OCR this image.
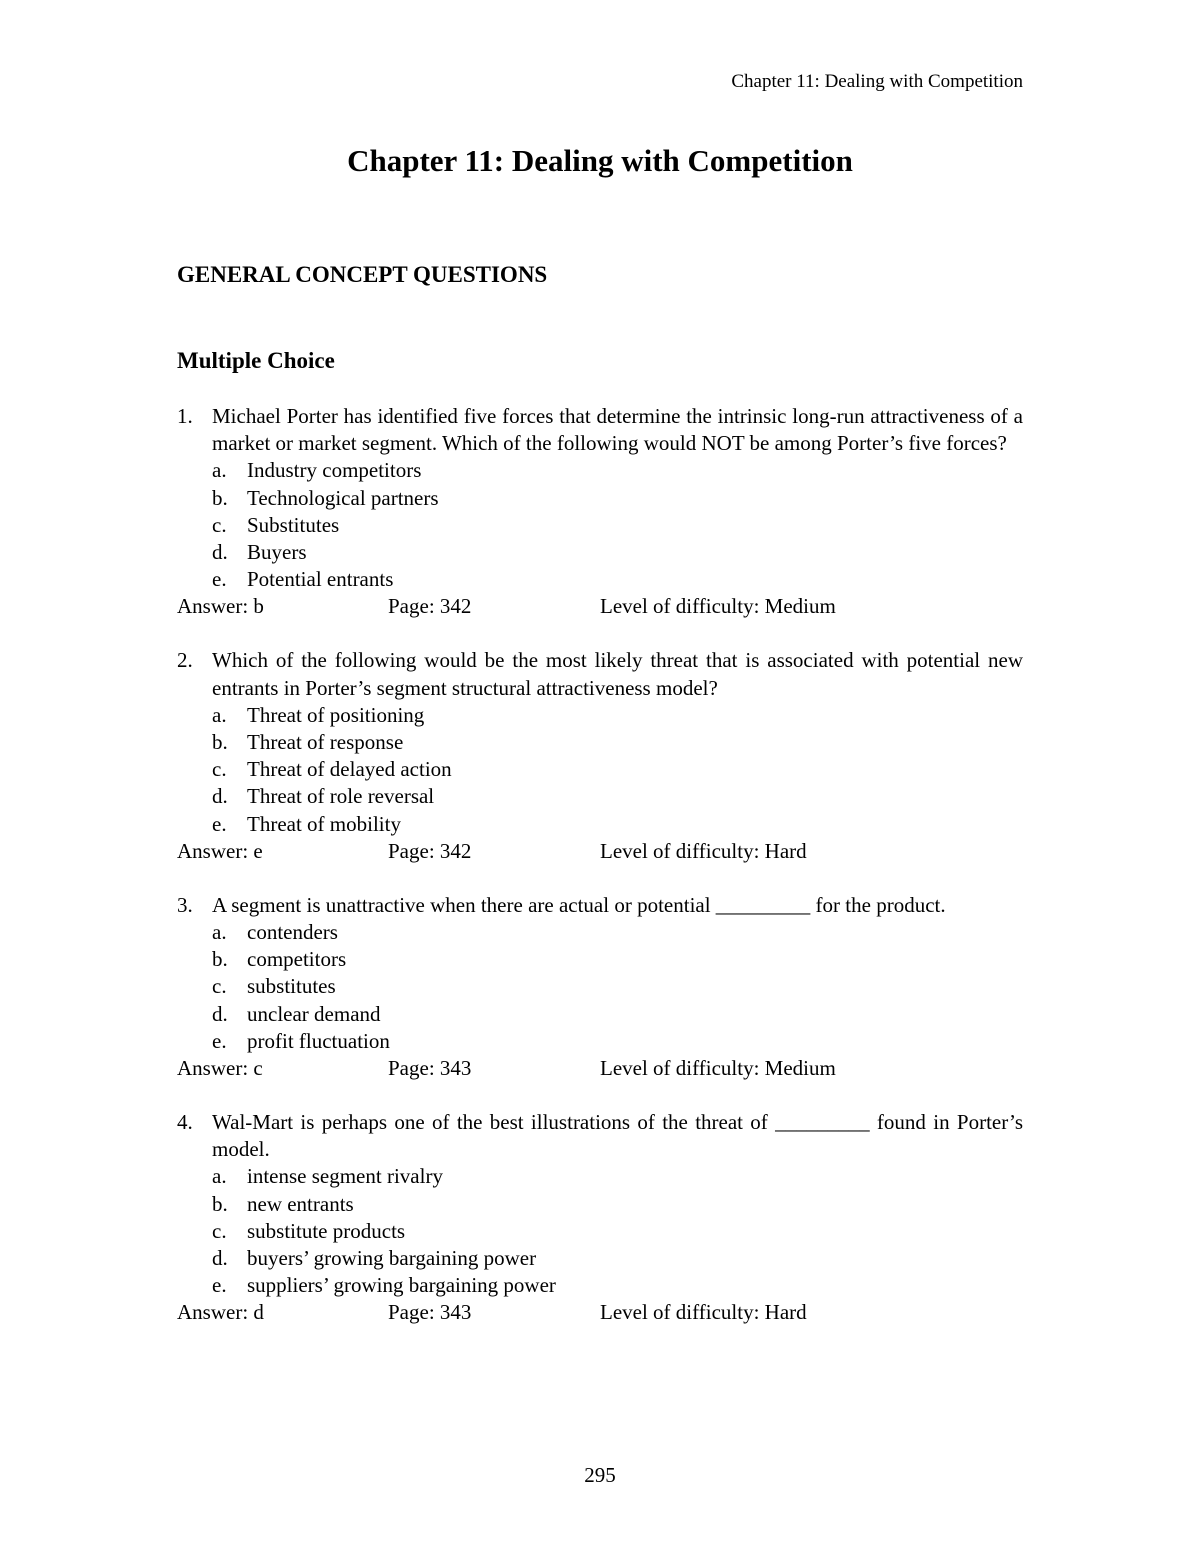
Chapter 11: Dealing with Competition
Chapter 11: Dealing with Competition
GENERAL CONCEPT QUESTIONS
Multiple Choice
1. Michael Porter has identified five forces that determine the intrinsic long-run attractiveness of a market or market segment. Which of the following would NOT be among Porter’s five forces?
a. Industry competitors
b. Technological partners
c. Substitutes
d. Buyers
e. Potential entrants
Answer: b	Page: 342	Level of difficulty: Medium
2. Which of the following would be the most likely threat that is associated with potential new entrants in Porter’s segment structural attractiveness model?
a. Threat of positioning
b. Threat of response
c. Threat of delayed action
d. Threat of role reversal
e. Threat of mobility
Answer: e	Page: 342	Level of difficulty: Hard
3. A segment is unattractive when there are actual or potential _________ for the product.
a. contenders
b. competitors
c. substitutes
d. unclear demand
e. profit fluctuation
Answer: c	Page: 343	Level of difficulty: Medium
4. Wal-Mart is perhaps one of the best illustrations of the threat of _________ found in Porter’s model.
a. intense segment rivalry
b. new entrants
c. substitute products
d. buyers’ growing bargaining power
e. suppliers’ growing bargaining power
Answer: d	Page: 343	Level of difficulty: Hard
295
